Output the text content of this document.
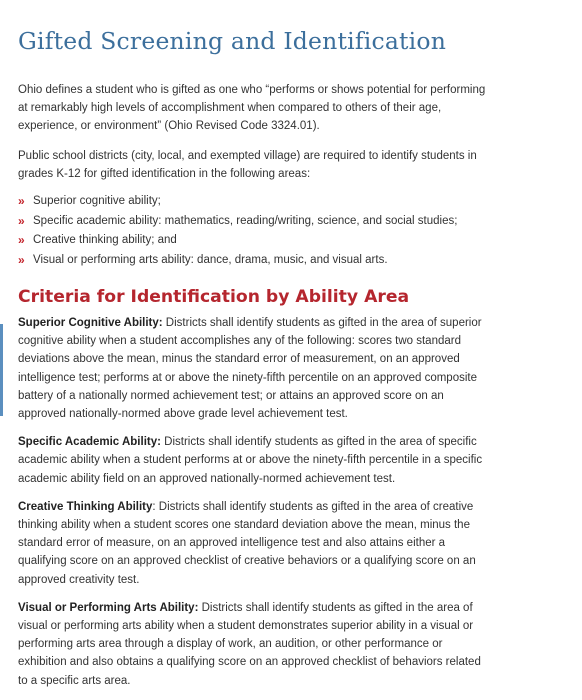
Gifted Screening and Identification

Ohio defines a student who is gifted as one who “performs or shows potential for performing at remarkably high levels of accomplishment when compared to others of their age, experience, or environment” (Ohio Revised Code 3324.01).

Public school districts (city, local, and exempted village) are required to identify students in grades K-12 for gifted identification in the following areas:

» Superior cognitive ability;
» Specific academic ability: mathematics, reading/writing, science, and social studies;
» Creative thinking ability; and
» Visual or performing arts ability: dance, drama, music, and visual arts.
Criteria for Identification by Ability Area

Superior Cognitive Ability: Districts shall identify students as gifted in the area of superior cognitive ability when a student accomplishes any of the following: scores two standard deviations above the mean, minus the standard error of measurement, on an approved intelligence test; performs at or above the ninety-fifth percentile on an approved composite battery of a nationally normed achievement test; or attains an approved score on an approved nationally-normed above grade level achievement test.

Specific Academic Ability: Districts shall identify students as gifted in the area of specific academic ability when a student performs at or above the ninety-fifth percentile in a specific academic ability field on an approved nationally-normed achievement test.

Creative Thinking Ability: Districts shall identify students as gifted in the area of creative thinking ability when a student scores one standard deviation above the mean, minus the standard error of measure, on an approved intelligence test and also attains either a qualifying score on an approved checklist of creative behaviors or a qualifying score on an approved creativity test.

Visual or Performing Arts Ability: Districts shall identify students as gifted in the area of visual or performing arts ability when a student demonstrates superior ability in a visual or performing arts area through a display of work, an audition, or other performance or exhibition and also obtains a qualifying score on an approved checklist of behaviors related to a specific arts area.
